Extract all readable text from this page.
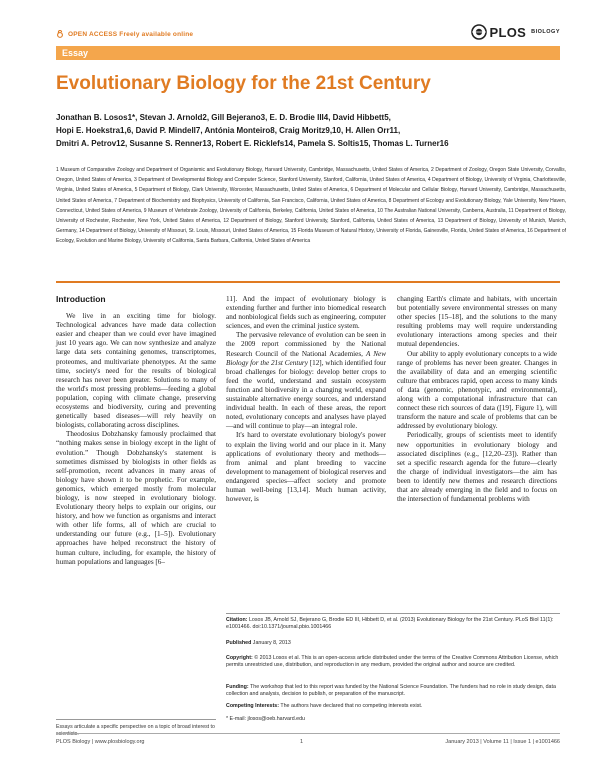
OPEN ACCESS Freely available online	PLOS BIOLOGY
Essay
Evolutionary Biology for the 21st Century
Jonathan B. Losos1*, Stevan J. Arnold2, Gill Bejerano3, E. D. Brodie III4, David Hibbett5,
Hopi E. Hoekstra1,6, David P. Mindell7, Antónia Monteiro8, Craig Moritz9,10, H. Allen Orr11,
Dmitri A. Petrov12, Susanne S. Renner13, Robert E. Ricklefs14, Pamela S. Soltis15, Thomas L. Turner16
1 Museum of Comparative Zoology and Department of Organismic and Evolutionary Biology, Harvard University, Cambridge, Massachusetts, United States of America, 2 Department of Zoology, Oregon State University, Corvallis, Oregon, United States of America, 3 Department of Developmental Biology and Computer Science, Stanford University, Stanford, California, United States of America, 4 Department of Biology, University of Virginia, Charlottesville, Virginia, United States of America, 5 Department of Biology, Clark University, Worcester, Massachusetts, United States of America, 6 Department of Molecular and Cellular Biology, Harvard University, Cambridge, Massachusetts, United States of America, 7 Department of Biochemistry and Biophysics, University of California, San Francisco, California, United States of America, 8 Department of Ecology and Evolutionary Biology, Yale University, New Haven, Connecticut, United States of America, 9 Museum of Vertebrate Zoology, University of California, Berkeley, California, United States of America, 10 The Australian National University, Canberra, Australia, 11 Department of Biology, University of Rochester, Rochester, New York, United States of America, 12 Department of Biology, Stanford University, Stanford, California, United States of America, 13 Department of Biology, University of Munich, Munich, Germany, 14 Department of Biology, University of Missouri, St. Louis, Missouri, United States of America, 15 Florida Museum of Natural History, University of Florida, Gainesville, Florida, United States of America, 16 Department of Ecology, Evolution and Marine Biology, University of California, Santa Barbara, California, United States of America
Introduction

We live in an exciting time for biology. Technological advances have made data collection easier and cheaper than we could ever have imagined just 10 years ago. We can now synthesize and analyze large data sets containing genomes, transcriptomes, proteomes, and multivariate phenotypes. At the same time, society's need for the results of biological research has never been greater. Solutions to many of the world's most pressing problems—feeding a global population, coping with climate change, preserving ecosystems and biodiversity, curing and preventing genetically based diseases—will rely heavily on biologists, collaborating across disciplines.

Theodosius Dobzhansky famously proclaimed that “nothing makes sense in biology except in the light of evolution.” Though Dobzhansky's statement is sometimes dismissed by biologists in other fields as self-promotion, recent advances in many areas of biology have shown it to be prophetic. For example, genomics, which emerged mostly from molecular biology, is now steeped in evolutionary biology. Evolutionary theory helps to explain our origins, our history, and how we function as organisms and interact with other life forms, all of which are crucial to understanding our future (e.g., [1–5]). Evolutionary approaches have helped reconstruct the history of human culture, including, for example, the history of human populations and languages [6–

11]. And the impact of evolutionary biology is extending further and further into biomedical research and nonbiological fields such as engineering, computer sciences, and even the criminal justice system.

The pervasive relevance of evolution can be seen in the 2009 report commissioned by the National Research Council of the National Academies, A New Biology for the 21st Century [12], which identified four broad challenges for biology: develop better crops to feed the world, understand and sustain ecosystem function and biodiversity in a changing world, expand sustainable alternative energy sources, and understand individual health. In each of these areas, the report noted, evolutionary concepts and analyses have played—and will continue to play—an integral role.

It's hard to overstate evolutionary biology's power to explain the living world and our place in it. Many applications of evolutionary theory and methods—from animal and plant breeding to vaccine development to management of biological reserves and endangered species—affect society and promote human well-being [13,14]. Much human activity, however, is

changing Earth's climate and habitats, with uncertain but potentially severe environmental stresses on many other species [15–18], and the solutions to the many resulting problems may well require understanding evolutionary interactions among species and their mutual dependencies.

Our ability to apply evolutionary concepts to a wide range of problems has never been greater. Changes in the availability of data and an emerging scientific culture that embraces rapid, open access to many kinds of data (genomic, phenotypic, and environmental), along with a computational infrastructure that can connect these rich sources of data ([19], Figure 1), will transform the nature and scale of problems that can be addressed by evolutionary biology.

Periodically, groups of scientists meet to identify new opportunities in evolutionary biology and associated disciplines (e.g., [12,20–23]). Rather than set a specific research agenda for the future—clearly the charge of individual investigators—the aim has been to identify new themes and research directions that are already emerging in the field and to focus on the intersection of fundamental problems with

Essays articulate a specific perspective on a topic of broad interest to scientists.
Citation: Losos JB, Arnold SJ, Bejerano G, Brodie ED III, Hibbett D, et al. (2013) Evolutionary Biology for the 21st Century. PLoS Biol 11(1): e1001466. doi:10.1371/journal.pbio.1001466
Published January 8, 2013
Copyright: © 2013 Losos et al. This is an open-access article distributed under the terms of the Creative Commons Attribution License, which permits unrestricted use, distribution, and reproduction in any medium, provided the original author and source are credited.
Funding: The workshop that led to this report was funded by the National Science Foundation. The funders had no role in study design, data collection and analysis, decision to publish, or preparation of the manuscript.
Competing Interests: The authors have declared that no competing interests exist.
* E-mail: jlosos@oeb.harvard.edu
PLOS Biology | www.plosbiology.org	1	January 2013 | Volume 11 | Issue 1 | e1001466
